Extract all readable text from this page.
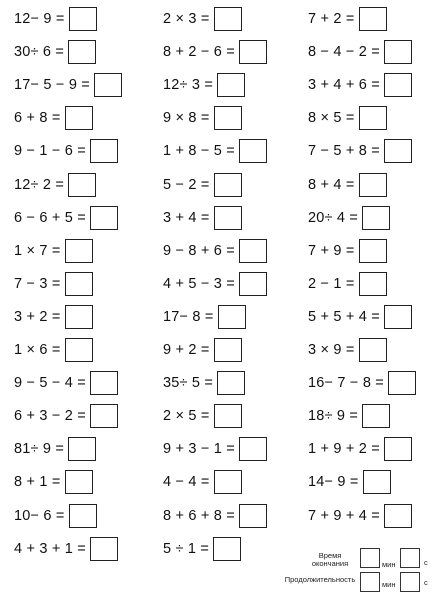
12− 9 =
30÷ 6 =
17− 5 − 9 =
6 + 8 =
9 − 1 − 6 =
12÷ 2 =
6 − 6 + 5 =
1 × 7 =
7 − 3 =
3 + 2 =
1 × 6 =
9 − 5 − 4 =
6 + 3 − 2 =
81÷ 9 =
8 + 1 =
10− 6 =
4 + 3 + 1 =
2 × 3 =
8 + 2 − 6 =
12÷ 3 =
9 × 8 =
1 + 8 − 5 =
5 − 2 =
3 + 4 =
9 − 8 + 6 =
4 + 5 − 3 =
17− 8 =
9 + 2 =
35÷ 5 =
2 × 5 =
9 + 3 − 1 =
4 − 4 =
8 + 6 + 8 =
5 ÷ 1 =
7 + 2 =
8 − 4 − 2 =
3 + 4 + 6 =
8 × 5 =
7 − 5 + 8 =
8 + 4 =
20÷ 4 =
7 + 9 =
2 − 1 =
5 + 5 + 4 =
3 × 9 =
16− 7 − 8 =
18÷ 9 =
1 + 9 + 2 =
14− 9 =
7 + 9 + 4 =
Время
окончания	мин	с
Продолжительность
мин	с
